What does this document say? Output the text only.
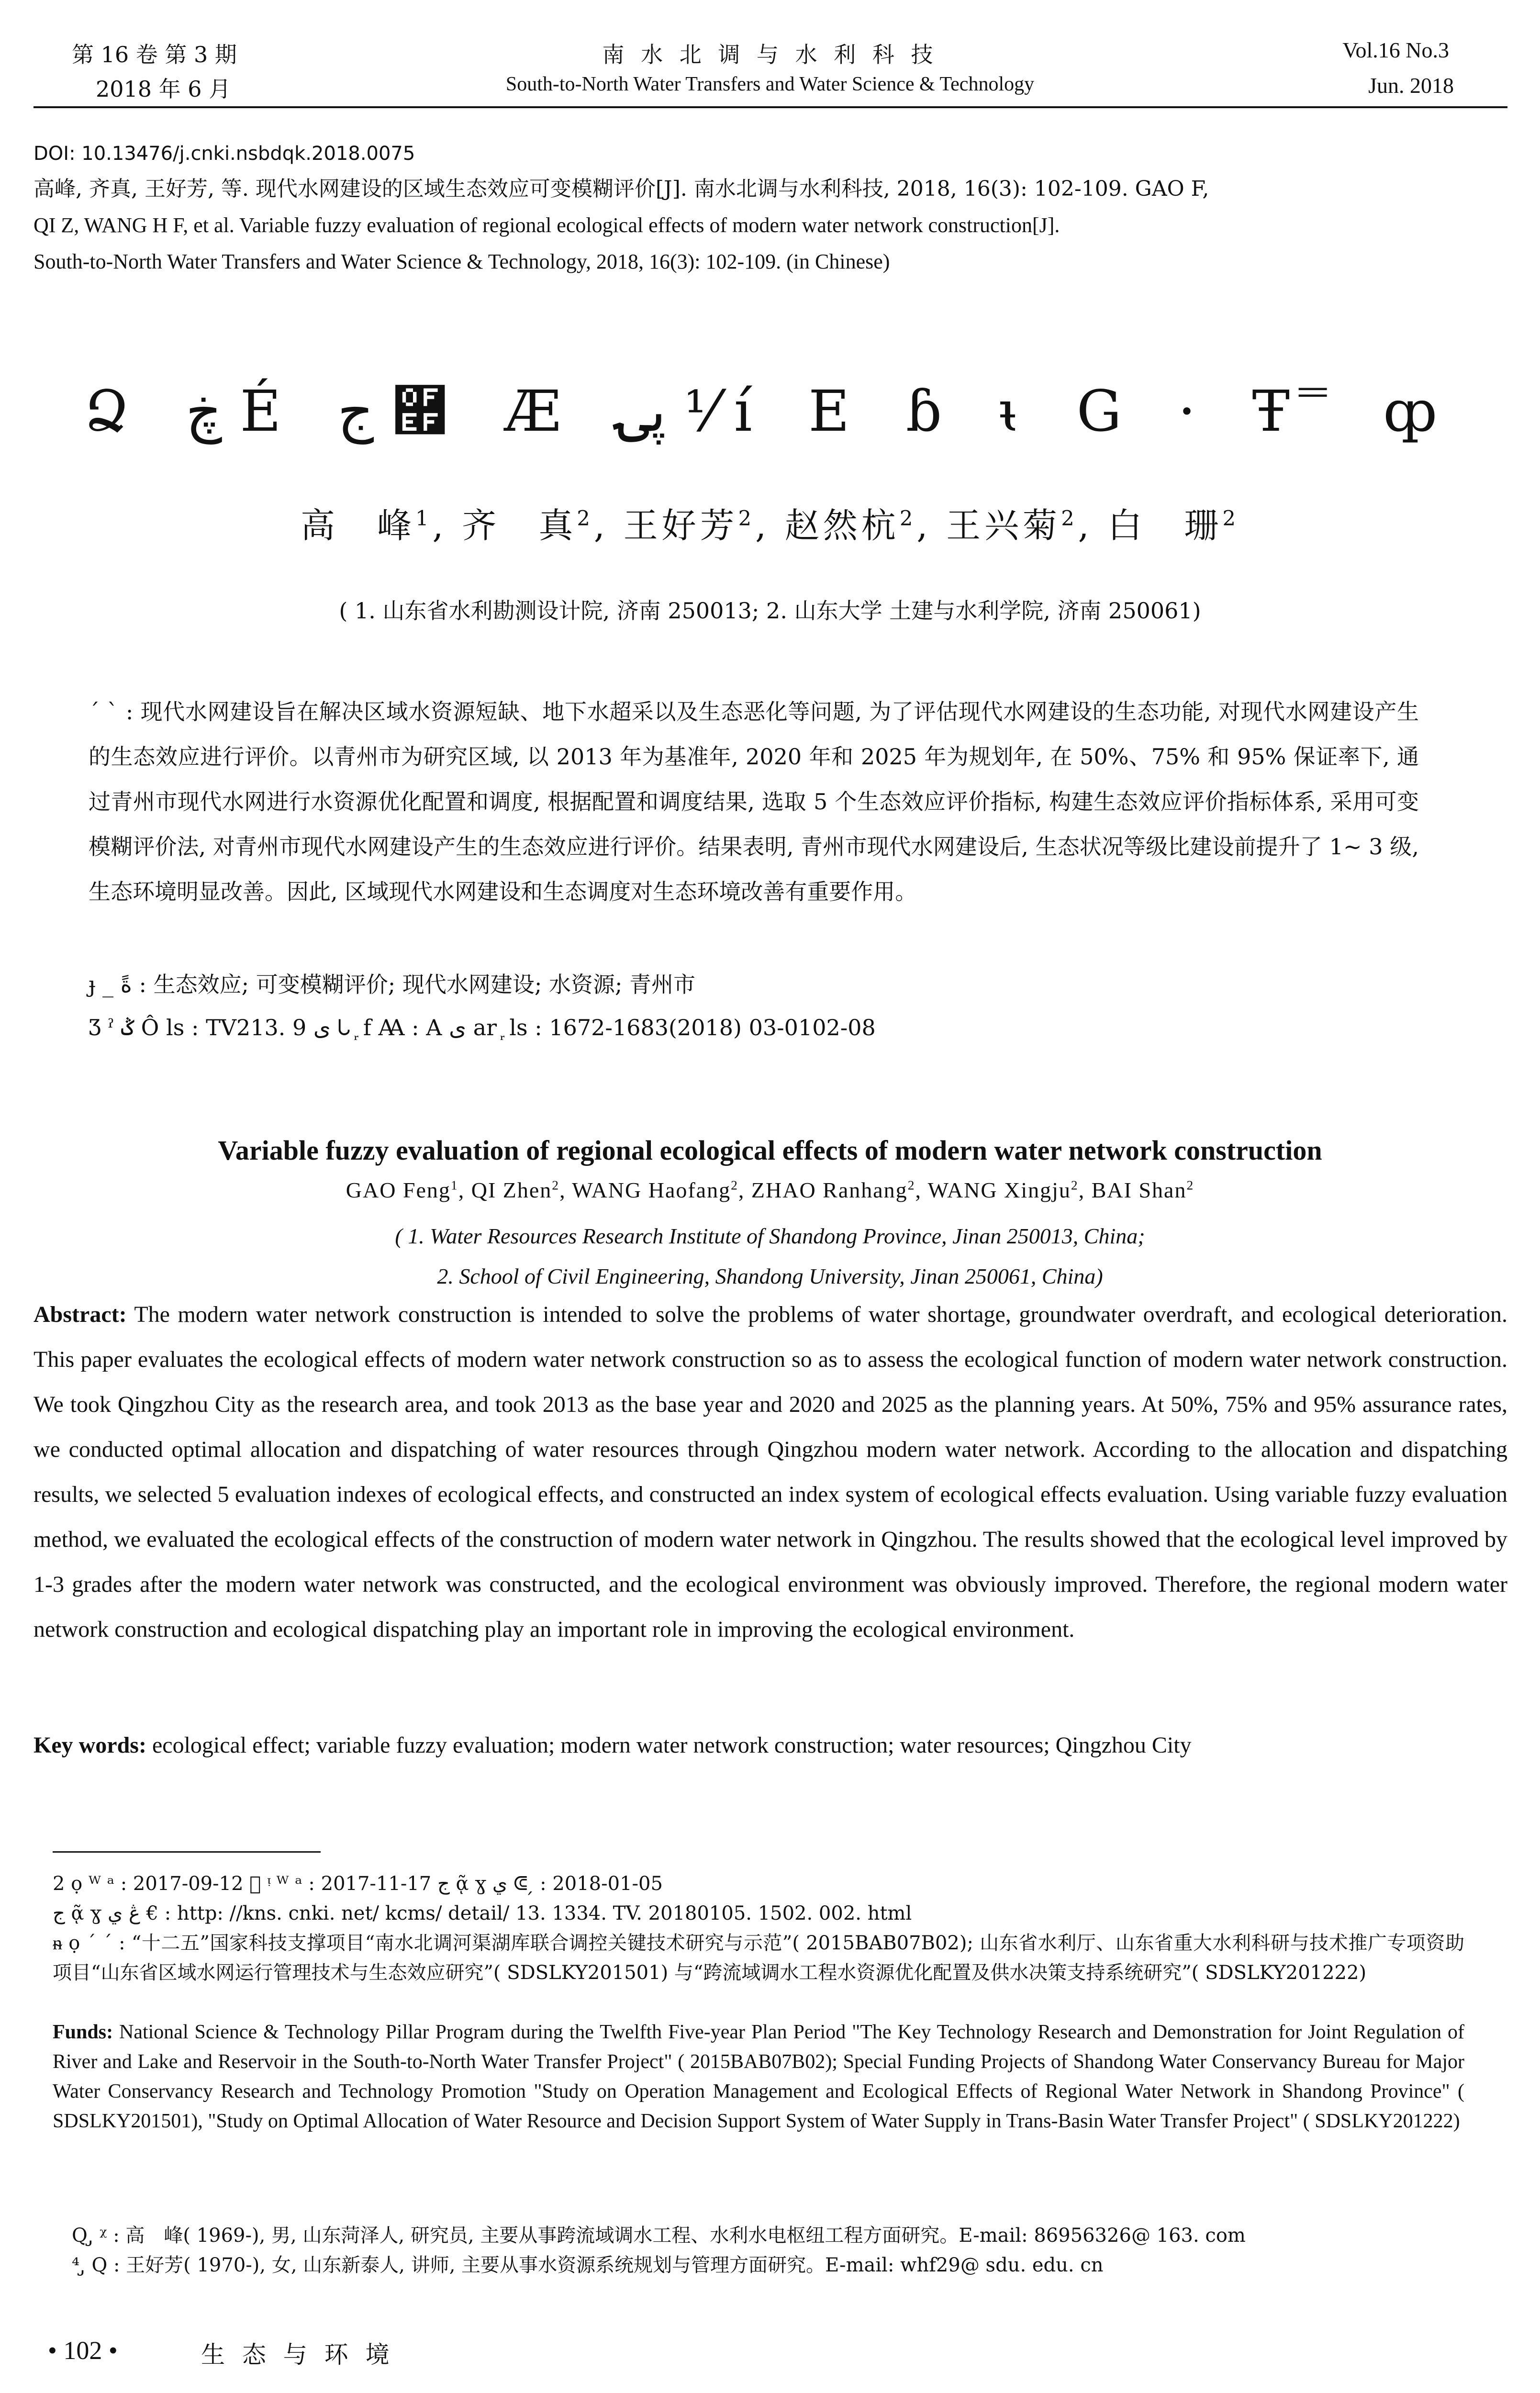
第 16 卷 第 3 期
2018 年 6 月
南 水 北 调 与 水 利 科 技
South-to-North Water Transfers and Water Science & Technology
Vol.16 No.3
Jun. 2018
DOI: 10.13476/j.cnki.nsbdqk.2018.0075
高峰, 齐真, 王好芳, 等. 现代水网建设的区域生态效应可变模糊评价[J]. 南水北调与水利科技, 2018, 16(3): 102-109. GAO F,
QI Z, WANG H F, et al. Variable fuzzy evaluation of regional ecological effects of modern water network construction[J].
South-to-North Water Transfers and Water Science & Technology, 2018, 16(3): 102-109. (in Chinese)
Ձ ڿ É ج ࿯ Æ پۍ ⅟ í Ε ɓ ᵼ G · Ŧ ̿ ȹ
高　峰$^1$, 齐　真$^2$, 王好芳$^2$, 赵然杭$^2$, 王兴菊$^2$, 白　珊$^2$
( 1. 山东省水利勘测设计院, 济南 250013; 2. 山东大学 土建与水利学院, 济南 250061)
ˊ ˋ : 现代水网建设旨在解决区域水资源短缺、地下水超采以及生态恶化等问题, 为了评估现代水网建设的生态功能, 对现代水网建设产生的生态效应进行评价。以青州市为研究区域, 以 2013 年为基准年, 2020 年和 2025 年为规划年, 在 50%、75% 和 95% 保证率下, 通过青州市现代水网进行水资源优化配置和调度, 根据配置和调度结果, 选取 5 个生态效应评价指标, 构建生态效应评价指标体系, 采用可变模糊评价法, 对青州市现代水网建设产生的生态效应进行评价。结果表明, 青州市现代水网建设后, 生态状况等级比建设前提升了 1~ 3 级, 生态环境明显改善。因此, 区域现代水网建设和生态调度对生态环境改善有重要作用。
ɟ _ ةً : 生态效应; 可变模糊评价; 现代水网建设; 水资源; 青州市
Ʒ ˀ ݣ Ô ls : TV213. 9 ى ᘂ ᷊ f Ꜳ : A ى ar ᷊ ls : 1672-1683(2018) 03-0102-08
Variable fuzzy evaluation of regional ecological effects of modern water network construction
GAO Feng$^1$, QI Zhen$^2$, WANG Haofang$^2$, ZHAO Ranhang$^2$, WANG Xingju$^2$, BAI Shan$^2$
( 1. Water Resources Research Institute of Shandong Province, Jinan 250013, China;
2. School of Civil Engineering, Shandong University, Jinan 250061, China)
Abstract: The modern water network construction is intended to solve the problems of water shortage, groundwater overdraft, and ecological deterioration. This paper evaluates the ecological effects of modern water network construction so as to assess the ecological function of modern water network construction. We took Qingzhou City as the research area, and took 2013 as the base year and 2020 and 2025 as the planning years. At 50%, 75% and 95% assurance rates, we conducted optimal allocation and dispatching of water resources through Qingzhou modern water network. According to the allocation and dispatching results, we selected 5 evaluation indexes of ecological effects, and constructed an index system of ecological effects evaluation. Using variable fuzzy evaluation method, we evaluated the ecological effects of the construction of modern water network in Qingzhou. The results showed that the ecological level improved by 1-3 grades after the modern water network was constructed, and the ecological environment was obviously improved. Therefore, the regional modern water network construction and ecological dispatching play an important role in improving the ecological environment.
Key words: ecological effect; variable fuzzy evaluation; modern water network construction; water resources; Qingzhou City
2 ọ ᵂ ᵃ : 2017-09-12 ᷍ ᵎ ᵂ ᵃ : 2017-11-17 ج ᾷ ɣ ي ᕳ ̗ : 2018-01-05
ج ᾷ ɣ ڠ ي € : http: //kns. cnki. net/ kcms/ detail/ 13. 1334. TV. 20180105. 1502. 002. html
ᵰ ọ ˊ ˊ : “十二五”国家科技支撑项目“南水北调河渠湖库联合调控关键技术研究与示范”( 2015BAB07B02); 山东省水利厅、山东省重大水利科研与技术推广专项资助项目“山东省区域水网运行管理技术与生态效应研究”( SDSLKY201501) 与“跨流域调水工程水资源优化配置及供水决策支持系统研究”( SDSLKY201222)
Funds: National Science & Technology Pillar Program during the Twelfth Five-year Plan Period "The Key Technology Research and Demonstration for Joint Regulation of River and Lake and Reservoir in the South-to-North Water Transfer Project" ( 2015BAB07B02); Special Funding Projects of Shandong Water Conservancy Bureau for Major Water Conservancy Research and Technology Promotion "Study on Operation Management and Ecological Effects of Regional Water Network in Shandong Province" ( SDSLKY201501), "Study on Optimal Allocation of Water Resource and Decision Support System of Water Supply in Trans-Basin Water Transfer Project" ( SDSLKY201222)
Q ̡ ᵡ : 高　峰( 1969-), 男, 山东菏泽人, 研究员, 主要从事跨流域调水工程、水利水电枢纽工程方面研究。E-mail: 86956326@ 163. com
⁴ ̡ Q : 王好芳( 1970-), 女, 山东新泰人, 讲师, 主要从事水资源系统规划与管理方面研究。E-mail: whf29@ sdu. edu. cn
• 102 •	生 态 与 环 境
